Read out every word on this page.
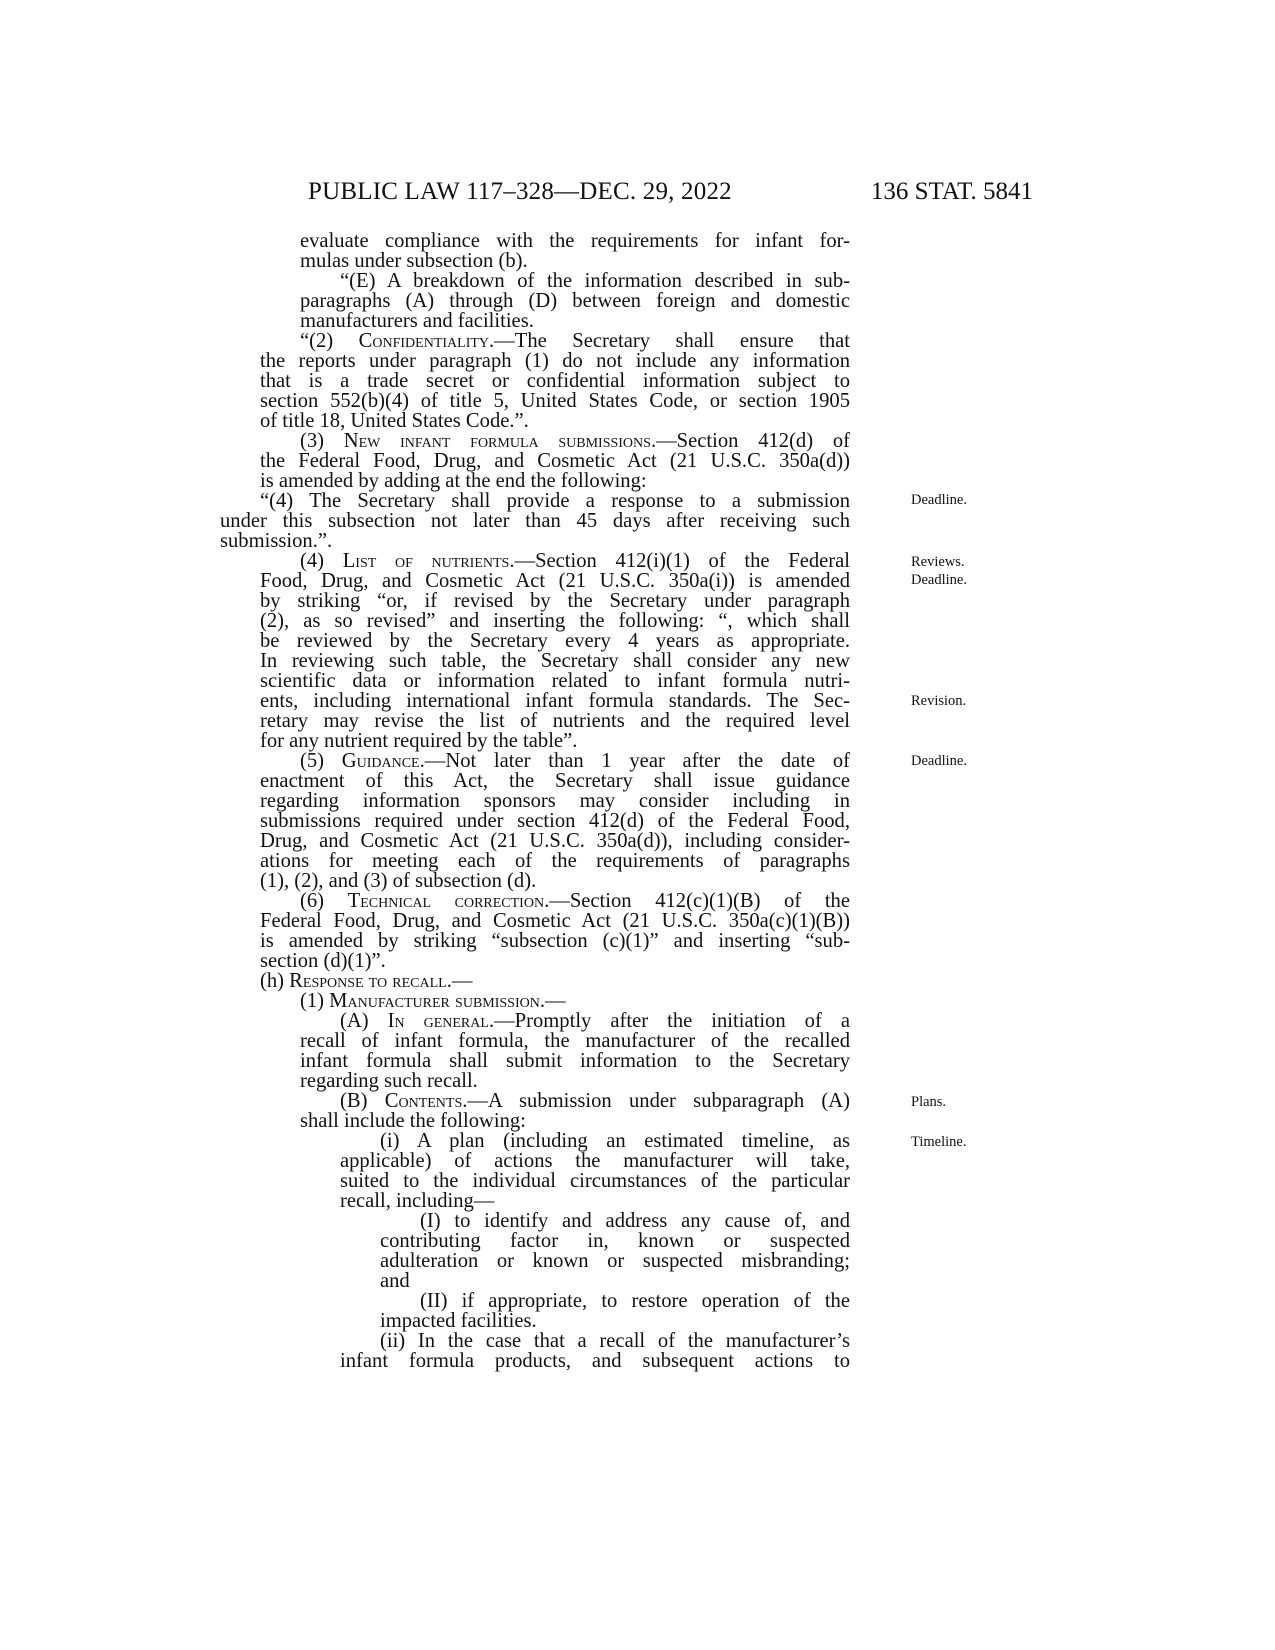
PUBLIC LAW 117–328—DEC. 29, 2022	136 STAT. 5841
evaluate compliance with the requirements for infant for-
mulas under subsection (b).
“(E) A breakdown of the information described in sub-
paragraphs (A) through (D) between foreign and domestic
manufacturers and facilities.
“(2) Confidentiality.—The Secretary shall ensure that
the reports under paragraph (1) do not include any information
that is a trade secret or confidential information subject to
section 552(b)(4) of title 5, United States Code, or section 1905
of title 18, United States Code.”.
(3) New infant formula submissions.—Section 412(d) of
the Federal Food, Drug, and Cosmetic Act (21 U.S.C. 350a(d))
is amended by adding at the end the following:
“(4) The Secretary shall provide a response to a submission
under this subsection not later than 45 days after receiving such
submission.”.
(4) List of nutrients.—Section 412(i)(1) of the Federal
Food, Drug, and Cosmetic Act (21 U.S.C. 350a(i)) is amended
by striking “or, if revised by the Secretary under paragraph
(2), as so revised” and inserting the following: “, which shall
be reviewed by the Secretary every 4 years as appropriate.
In reviewing such table, the Secretary shall consider any new
scientific data or information related to infant formula nutri-
ents, including international infant formula standards. The Sec-
retary may revise the list of nutrients and the required level
for any nutrient required by the table”.
(5) Guidance.—Not later than 1 year after the date of
enactment of this Act, the Secretary shall issue guidance
regarding information sponsors may consider including in
submissions required under section 412(d) of the Federal Food,
Drug, and Cosmetic Act (21 U.S.C. 350a(d)), including consider-
ations for meeting each of the requirements of paragraphs
(1), (2), and (3) of subsection (d).
(6) Technical correction.—Section 412(c)(1)(B) of the
Federal Food, Drug, and Cosmetic Act (21 U.S.C. 350a(c)(1)(B))
is amended by striking “subsection (c)(1)” and inserting “sub-
section (d)(1)”.
(h) Response to recall.—
(1) Manufacturer submission.—
(A) In general.—Promptly after the initiation of a
recall of infant formula, the manufacturer of the recalled
infant formula shall submit information to the Secretary
regarding such recall.
(B) Contents.—A submission under subparagraph (A)
shall include the following:
(i) A plan (including an estimated timeline, as
applicable) of actions the manufacturer will take,
suited to the individual circumstances of the particular
recall, including—
(I) to identify and address any cause of, and
contributing factor in, known or suspected
adulteration or known or suspected misbranding;
and
(II) if appropriate, to restore operation of the
impacted facilities.
(ii) In the case that a recall of the manufacturer’s
infant formula products, and subsequent actions to
Deadline.
Reviews.
Deadline.
Revision.
Deadline.
Plans.
Timeline.
